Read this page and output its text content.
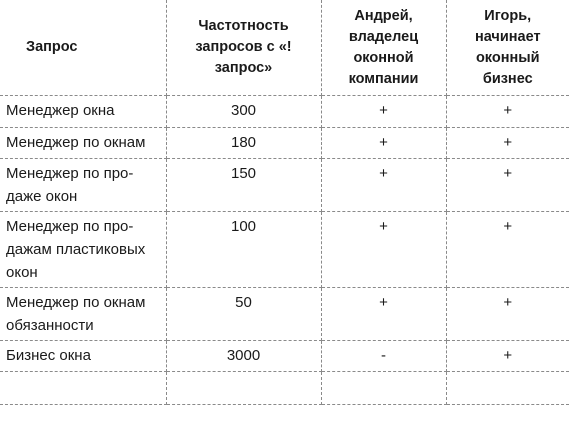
Запрос	Частотность запросов с «!запрос»	Андрей, владелец оконной компании	Игорь, начинает оконный бизнес

Менеджер окна	300	+	+
Менеджер по окнам	180	+	+
Менеджер по про-даже окон	150	+	+
Менеджер по про-дажам пластиковых окон	100	+	+
Менеджер по окнам обязанности	50	+	+
Бизнес окна	3000	-	+
